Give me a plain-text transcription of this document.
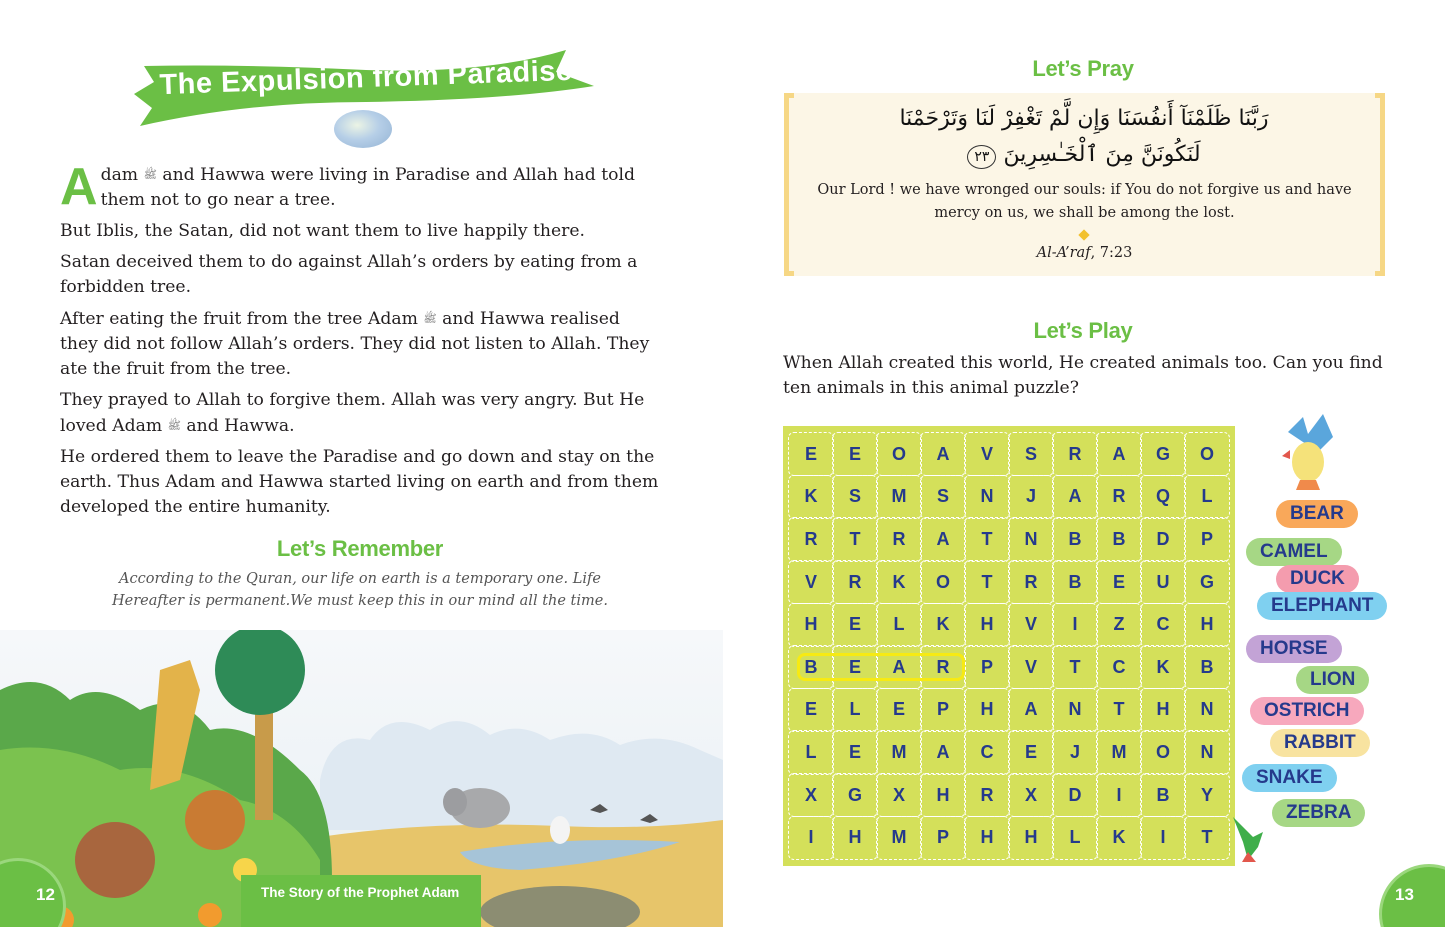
The Expulsion from Paradise

Adam ﷺ and Hawwa were living in Paradise and Allah had told them not to go near a tree.

But Iblis, the Satan, did not want them to live happily there.

Satan deceived them to do against Allah’s orders by eating from a forbidden tree.

After eating the fruit from the tree Adam ﷺ and Hawwa realised they did not follow Allah’s orders. They did not listen to Allah. They ate the fruit from the tree.

They prayed to Allah to forgive them. Allah was very angry. But He loved Adam ﷺ and Hawwa.

He ordered them to leave the Paradise and go down and stay on the earth. Thus Adam and Hawwa started living on earth and from them developed the entire humanity.

Let’s Remember
According to the Quran, our life on earth is a temporary one. Life Hereafter is permanent.We must keep this in our mind all the time.
12	The Story of the Prophet Adam
Let’s Pray
رَبَّنَا ظَلَمْنَآ أَنفُسَنَا وَإِن لَّمْ تَغْفِرْ لَنَا وَتَرْحَمْنَا
لَنَكُونَنَّ مِنَ ٱلْخَـٰسِرِينَ ٢٣
Our Lord ! we have wronged our souls: if You do not forgive us and have mercy on us, we shall be among the lost.
Al-A’raf, 7:23
Let’s Play
When Allah created this world, He created animals too. Can you find ten animals in this animal puzzle?
E	E	O	A	V	S	R	A	G	O
K	S	M	S	N	J	A	R	Q	L
R	T	R	A	T	N	B	B	D	P
V	R	K	O	T	R	B	E	U	G
H	E	L	K	H	V	I	Z	C	H
B	E	A	R	P	V	T	C	K	B
E	L	E	P	H	A	N	T	H	N
L	E	M	A	C	E	J	M	O	N
X	G	X	H	R	X	D	I	B	Y
I	H	M	P	H	H	L	K	I	T
BEAR
CAMEL
DUCK
ELEPHANT
HORSE
LION
OSTRICH
RABBIT
SNAKE
ZEBRA
13
